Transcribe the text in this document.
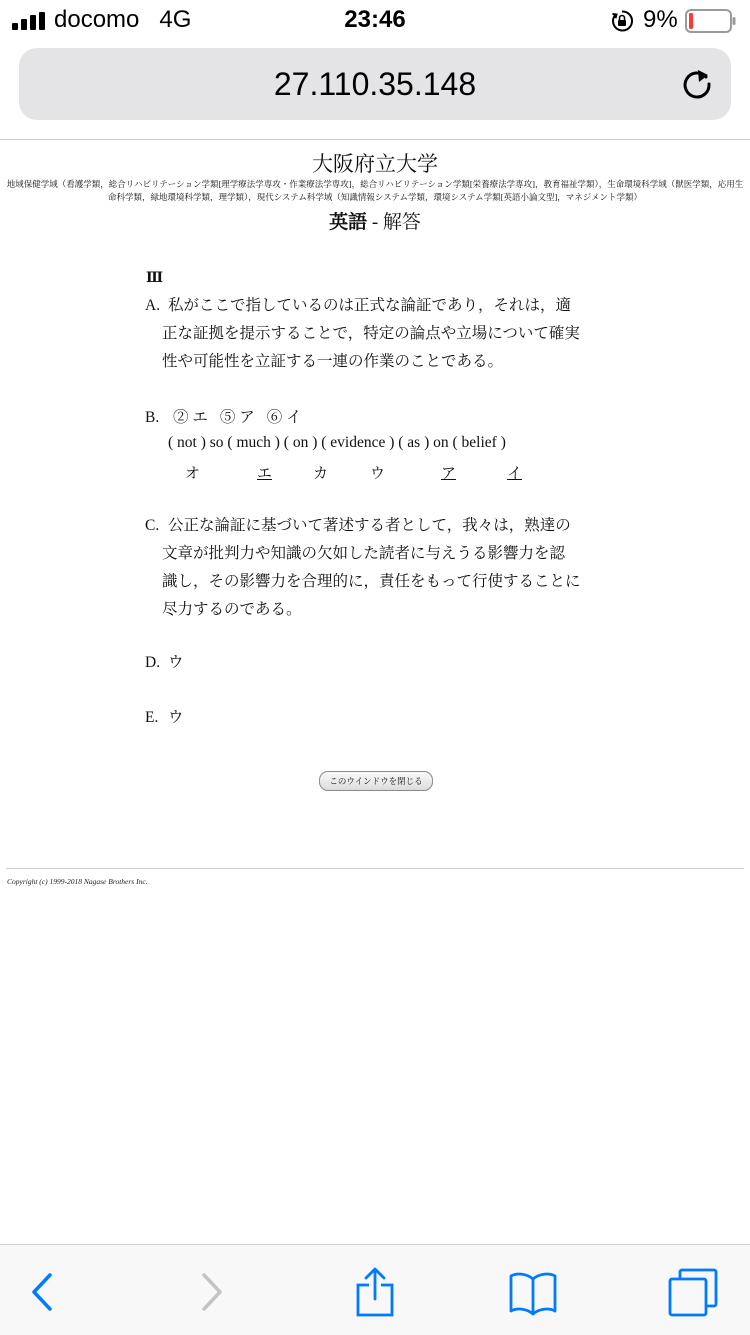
docomo 4G	23:46	9%
27.110.35.148
大阪府立大学
地域保健学域（看護学類，総合リハビリテーション学類[理学療法学専攻・作業療法学専攻]，総合リハビリテーション学類[栄養療法学専攻]，教育福祉学類），生命環境科学域（獣医学類，応用生
命科学類，緑地環境科学類，理学類），現代システム科学域（知識情報システム学類，環境システム学類[英語小論文型]，マネジメント学類）
英語 - 解答
Ⅲ
A. 私がここで指しているのは正式な論証であり，それは，適
正な証拠を提示することで，特定の論点や立場について確実
性や可能性を立証する一連の作業のことである。
B. ② エ ⑤ ア ⑥ イ
( not ) so ( much ) ( on ) ( evidence ) ( as ) on ( belief )
オ	エ	カ	ウ	ア	イ
C. 公正な論証に基づいて著述する者として，我々は，熟達の
文章が批判力や知識の欠如した読者に与えうる影響力を認
識し，その影響力を合理的に，責任をもって行使することに
尽力するのである。
D. ウ
E. ウ
このウインドウを閉じる
Copyright (c) 1999-2018 Nagase Brothers Inc.
